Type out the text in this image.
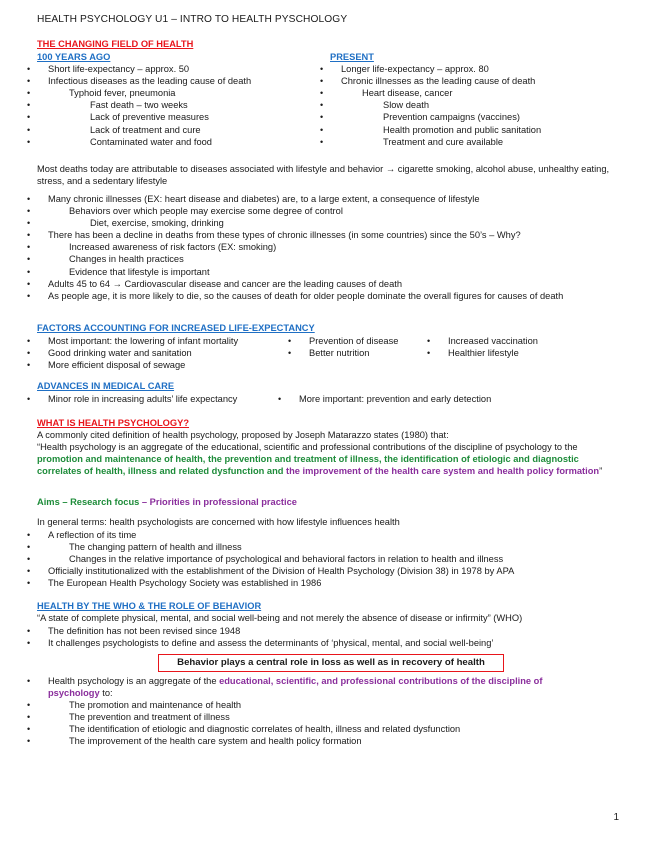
HEALTH PSYCHOLOGY U1 – INTRO TO HEALTH PYSCHOLOGY
THE CHANGING FIELD OF HEALTH
100 YEARS AGO
• Short life-expectancy – approx. 50
• Infectious diseases as the leading cause of death
• Typhoid fever, pneumonia
• Fast death – two weeks
• Lack of preventive measures
• Lack of treatment and cure
• Contaminated water and food
PRESENT
• Longer life-expectancy – approx. 80
• Chronic illnesses as the leading cause of death
• Heart disease, cancer
• Slow death
• Prevention campaigns (vaccines)
• Health promotion and public sanitation
• Treatment and cure available

Most deaths today are attributable to diseases associated with lifestyle and behavior → cigarette smoking, alcohol abuse, unhealthy eating, stress, and a sedentary lifestyle

• Many chronic illnesses (EX: heart disease and diabetes) are, to a large extent, a consequence of lifestyle
• Behaviors over which people may exercise some degree of control
• Diet, exercise, smoking, drinking
• There has been a decline in deaths from these types of chronic illnesses (in some countries) since the 50’s – Why?
• Increased awareness of risk factors (EX: smoking)
• Changes in health practices
• Evidence that lifestyle is important
• Adults 45 to 64 → Cardiovascular disease and cancer are the leading causes of death
• As people age, it is more likely to die, so the causes of death for older people dominate the overall figures for causes of death
FACTORS ACCOUNTING FOR INCREASED LIFE-EXPECTANCY
• Most important: the lowering of infant mortality
• Good drinking water and sanitation
• More efficient disposal of sewage
• Prevention of disease
• Better nutrition
• Increased vaccination
• Healthier lifestyle
ADVANCES IN MEDICAL CARE
• Minor role in increasing adults’ life expectancy
•	More important: prevention and early detection
WHAT IS HEALTH PSYCHOLOGY?
A commonly cited definition of health psychology, proposed by Joseph Matarazzo states (1980) that:

“Health psychology is an aggregate of the educational, scientific and professional contributions of the discipline of psychology to the promotion and maintenance of health, the prevention and treatment of illness, the identification of etiologic and diagnostic correlates of health, illness and related dysfunction and the improvement of the health care system and health policy formation”

Aims – Research focus – Priorities in professional practice
In general terms: health psychologists are concerned with how lifestyle influences health
• A reflection of its time
• The changing pattern of health and illness
• Changes in the relative importance of psychological and behavioral factors in relation to health and illness
• Officially institutionalized with the establishment of the Division of Health Psychology (Division 38) in 1978 by APA
• The European Health Psychology Society was established in 1986
HEALTH BY THE WHO & THE ROLE OF BEHAVIOR
“A state of complete physical, mental, and social well-being and not merely the absence of disease or infirmity” (WHO)
• The definition has not been revised since 1948
• It challenges psychologists to define and assess the determinants of ‘physical, mental, and social well-being’
Behavior plays a central role in loss as well as in recovery of health
• Health psychology is an aggregate of the educational, scientific, and professional contributions of the discipline of psychology to:
• The promotion and maintenance of health
• The prevention and treatment of illness
• The identification of etiologic and diagnostic correlates of health, illness and related dysfunction
• The improvement of the health care system and health policy formation
1
